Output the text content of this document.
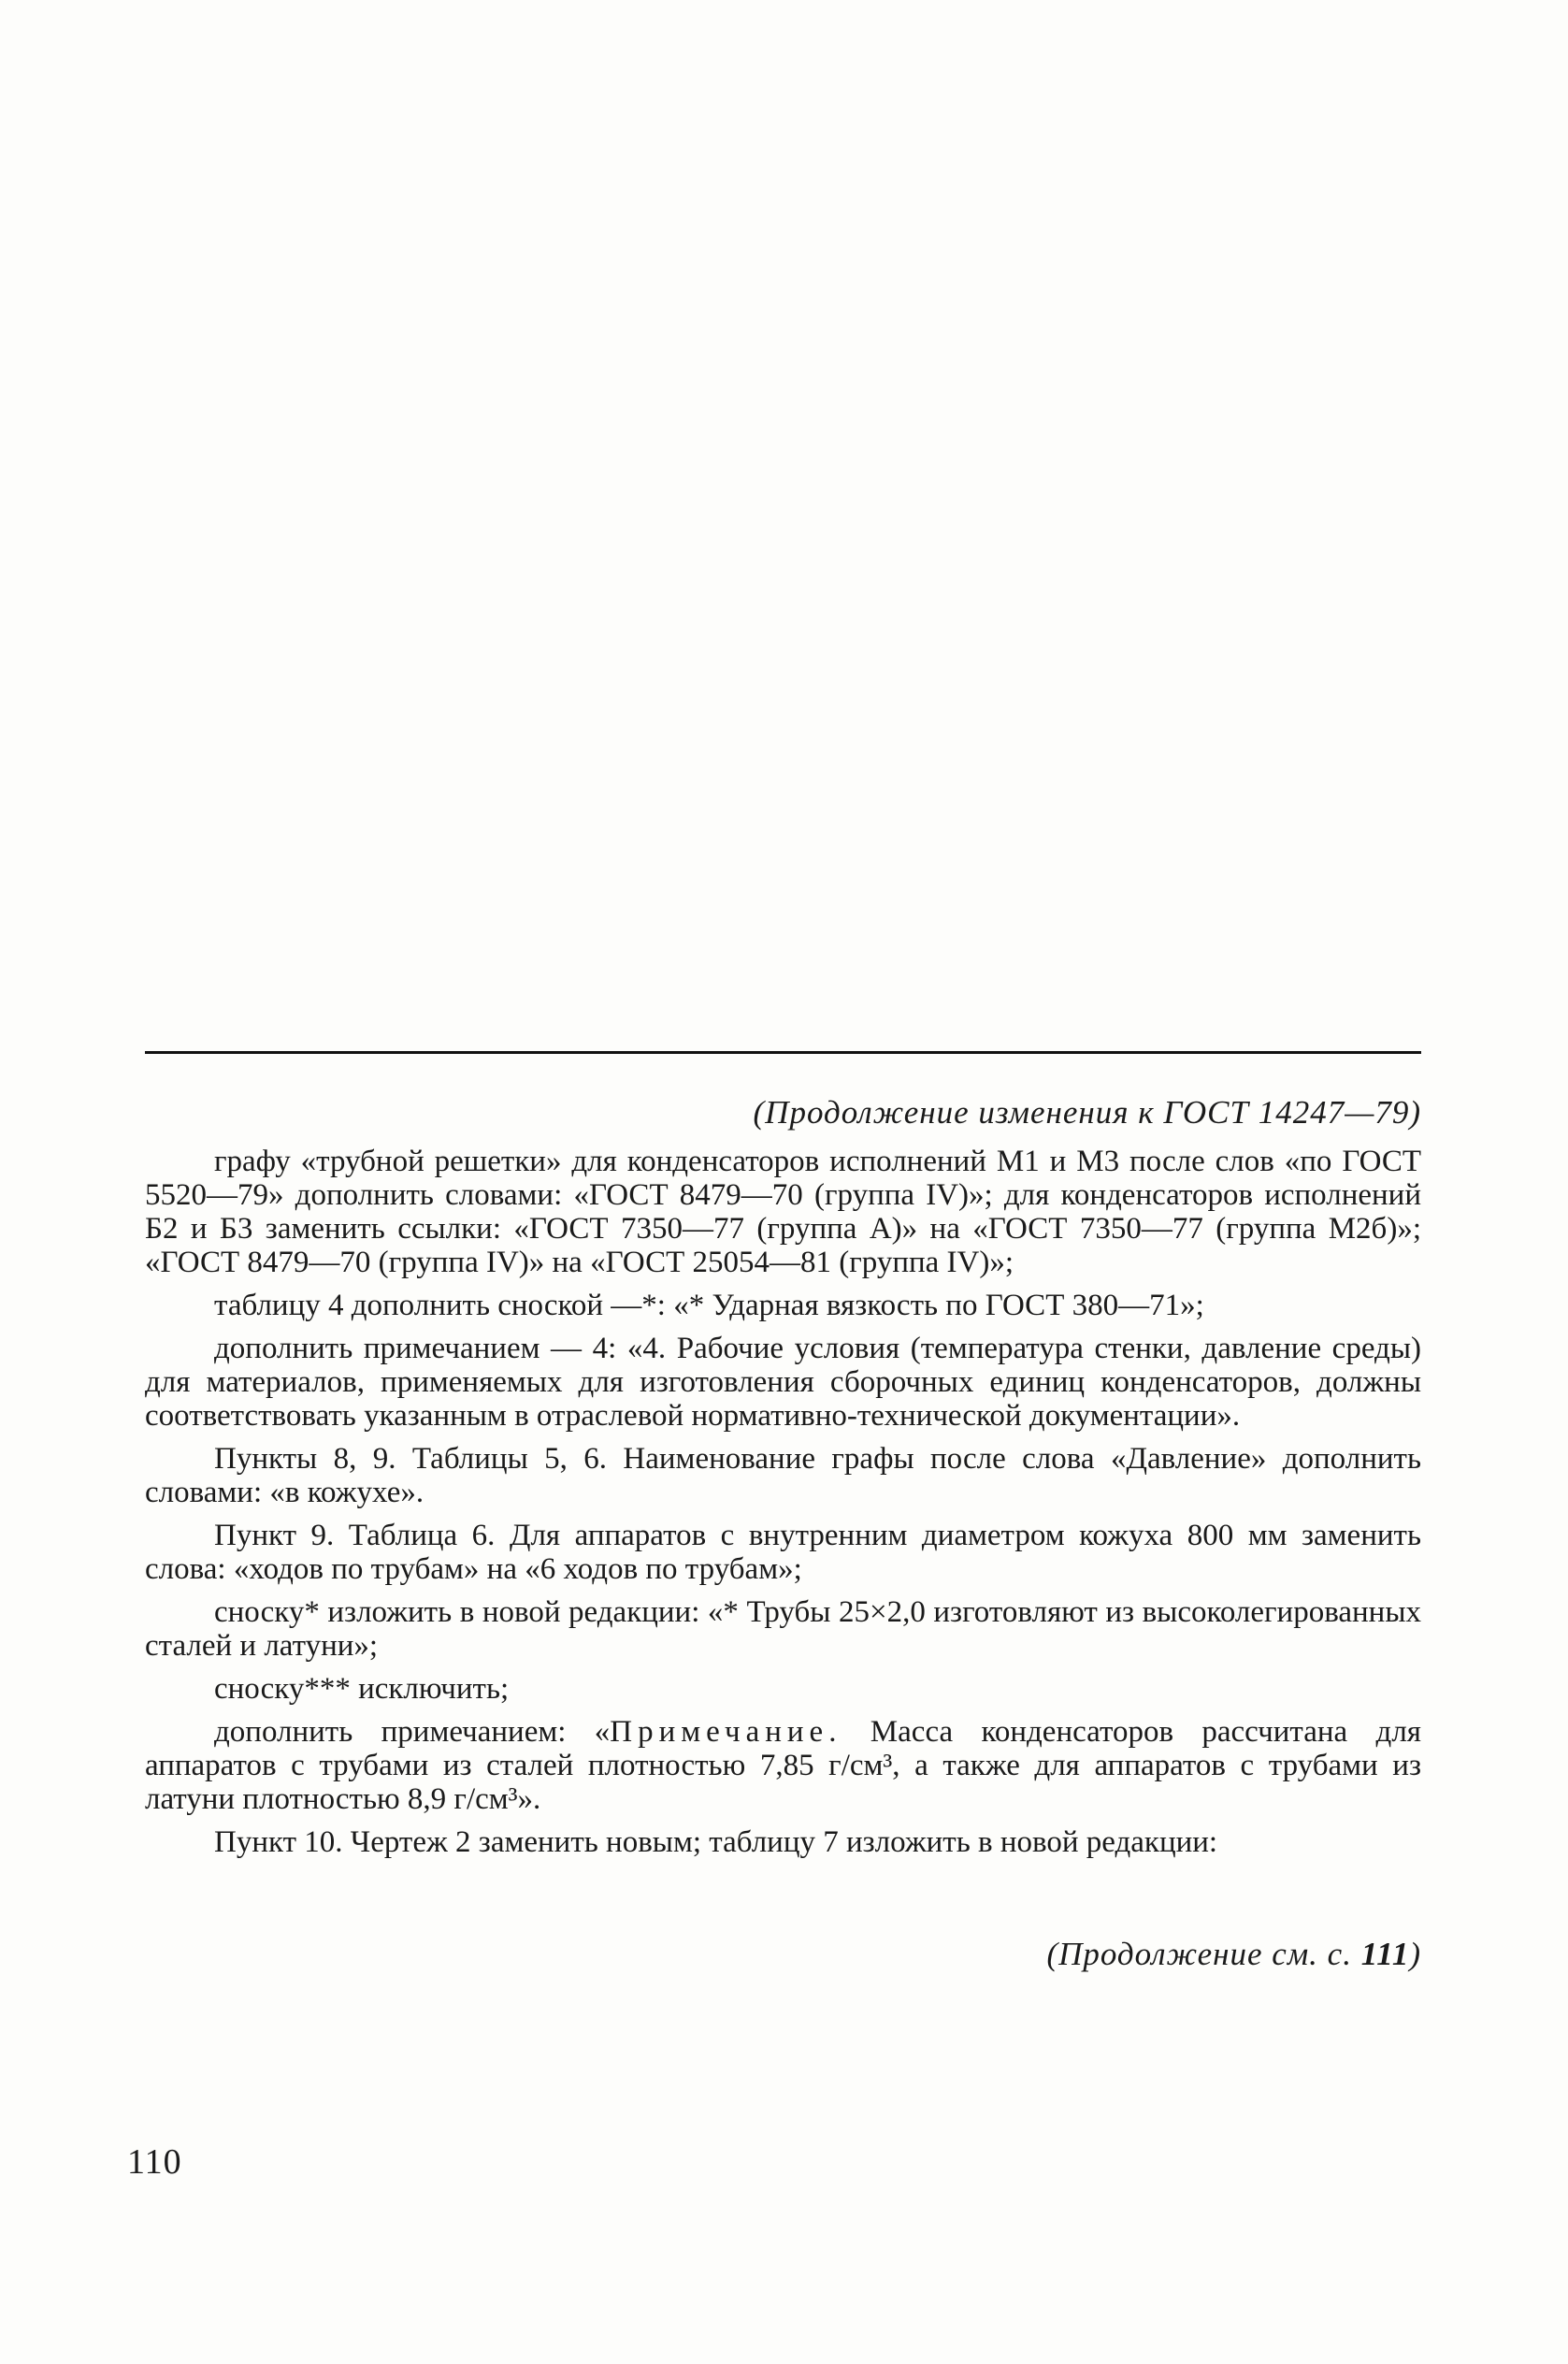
(Продолжение изменения к ГОСТ 14247—79)

графу «трубной решетки» для конденсаторов исполнений М1 и М3 после слов «по ГОСТ 5520—79» дополнить словами: «ГОСТ 8479—70 (группа IV)»; для конденсаторов исполнений Б2 и Б3 заменить ссылки: «ГОСТ 7350—77 (группа А)» на «ГОСТ 7350—77 (группа М2б)»; «ГОСТ 8479—70 (группа IV)» на «ГОСТ 25054—81 (группа IV)»;

таблицу 4 дополнить сноской —*: «* Ударная вязкость по ГОСТ 380—71»;

дополнить примечанием — 4: «4. Рабочие условия (температура стенки, давление среды) для материалов, применяемых для изготовления сборочных единиц конденсаторов, должны соответствовать указанным в отраслевой нормативно-технической документации».

Пункты 8, 9. Таблицы 5, 6. Наименование графы после слова «Давление» дополнить словами: «в кожухе».

Пункт 9. Таблица 6. Для аппаратов с внутренним диаметром кожуха 800 мм заменить слова: «ходов по трубам» на «6 ходов по трубам»;

сноску* изложить в новой редакции: «* Трубы 25×2,0 изготовляют из высоколегированных сталей и латуни»;

сноску*** исключить;

дополнить примечанием: «Примечание. Масса конденсаторов рассчитана для аппаратов с трубами из сталей плотностью 7,85 г/см³, а также для аппаратов с трубами из латуни плотностью 8,9 г/см³».

Пункт 10. Чертеж 2 заменить новым; таблицу 7 изложить в новой редакции:

(Продолжение см. с. 111)
110
